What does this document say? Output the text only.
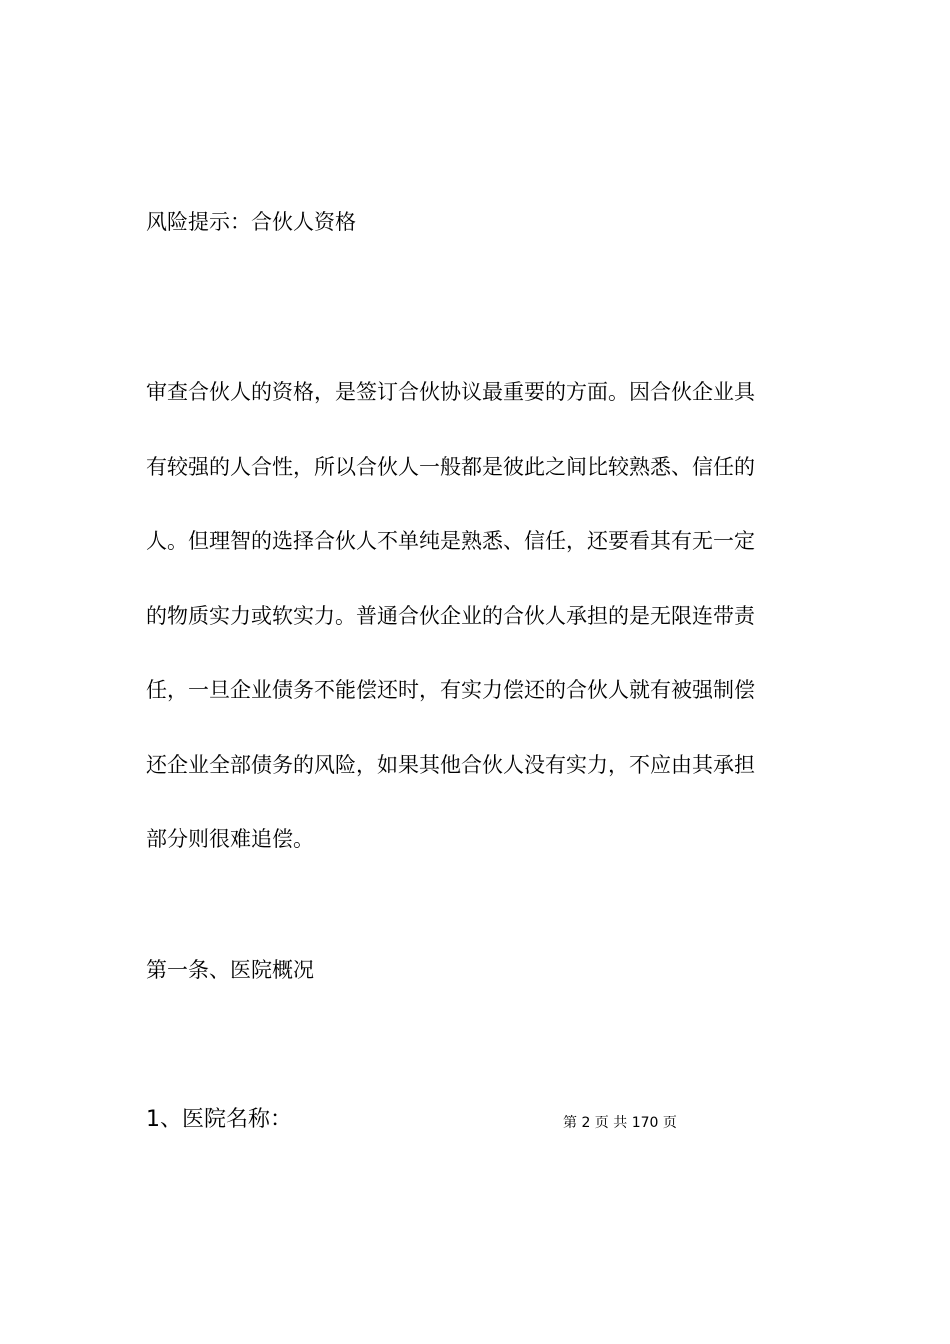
风险提示：合伙人资格
审查合伙人的资格，是签订合伙协议最重要的方面。因合伙企业具
有较强的人合性，所以合伙人一般都是彼此之间比较熟悉、信任的
人。但理智的选择合伙人不单纯是熟悉、信任，还要看其有无一定
的物质实力或软实力。普通合伙企业的合伙人承担的是无限连带责
任，一旦企业债务不能偿还时，有实力偿还的合伙人就有被强制偿
还企业全部债务的风险，如果其他合伙人没有实力，不应由其承担
部分则很难追偿。
第一条、医院概况
1、医院名称：	第 2 页 共 170 页
